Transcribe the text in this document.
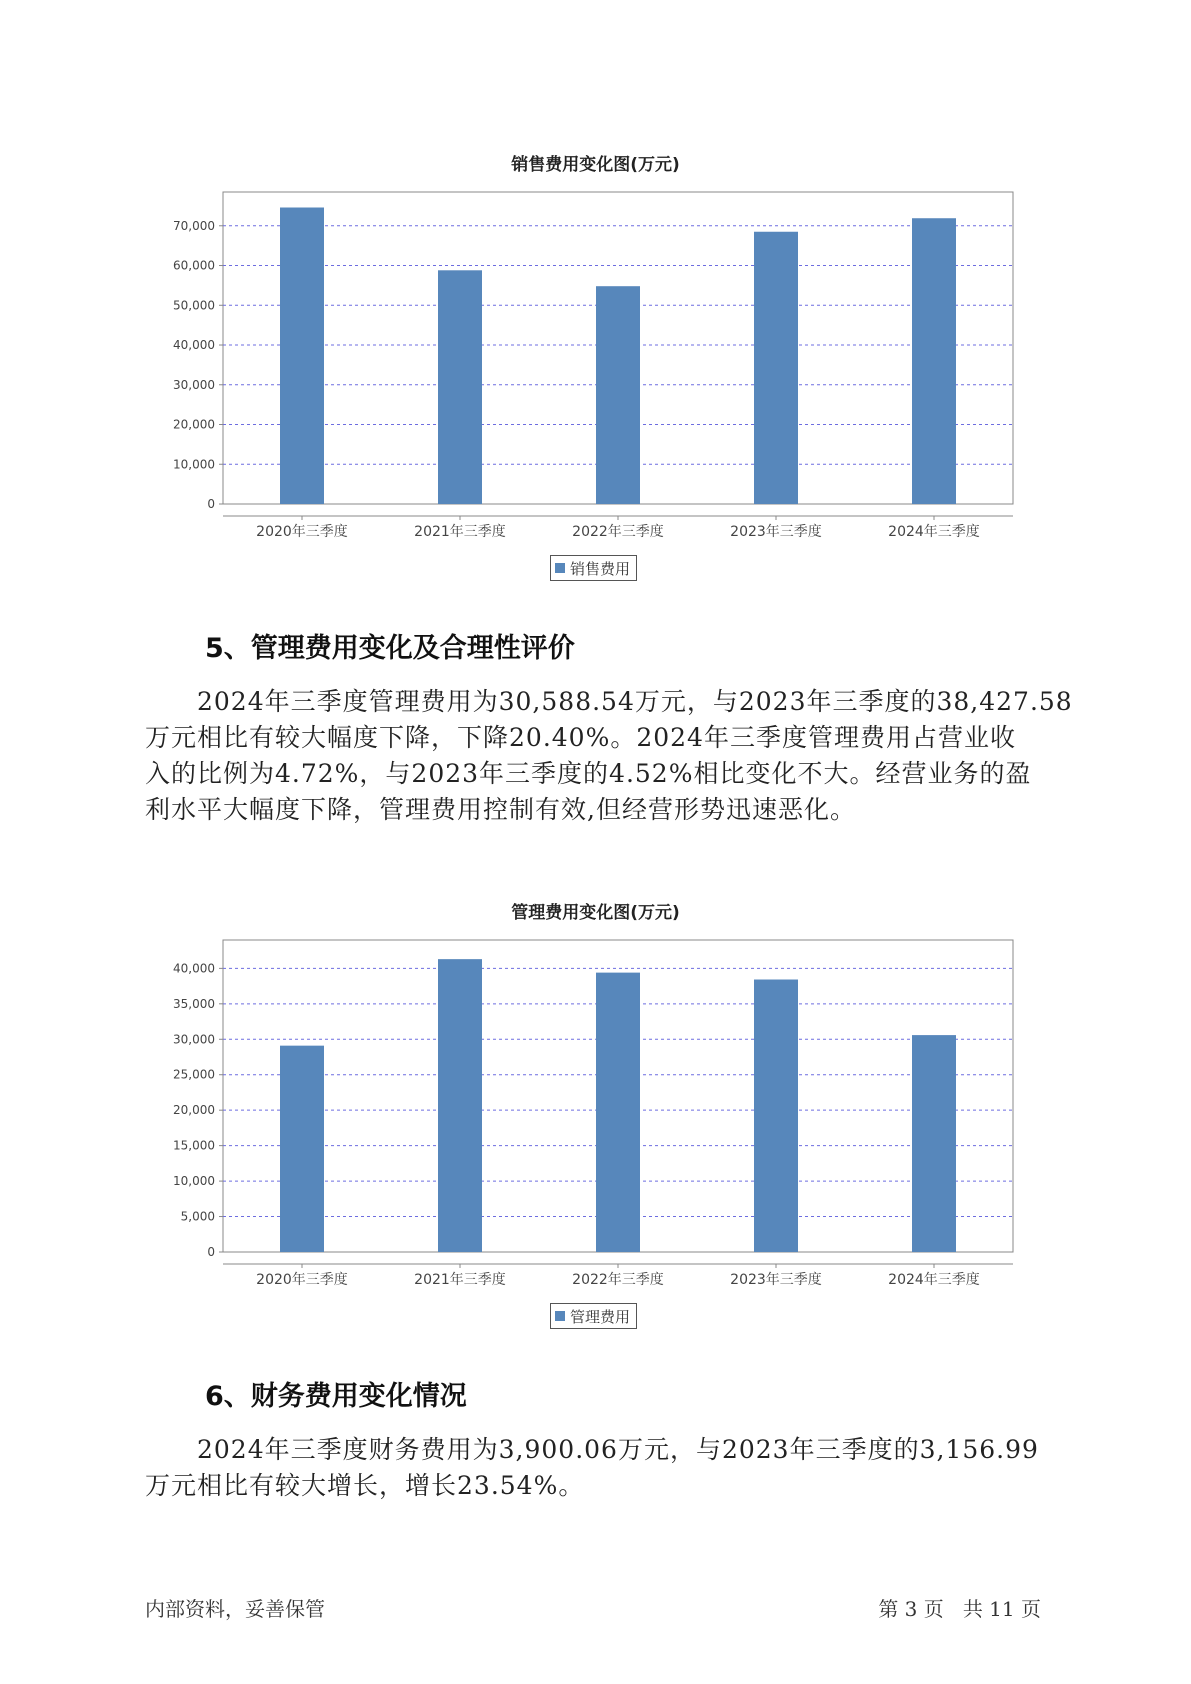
销售费用变化图(万元)
0
10,000
20,000
30,000
40,000
50,000
60,000
70,000
2020年三季度	2021年三季度	2022年三季度	2023年三季度	2024年三季度
销售费用
5、管理费用变化及合理性评价
2024年三季度管理费用为30,588.54万元，与2023年三季度的38,427.58
万元相比有较大幅度下降，下降20.40%。2024年三季度管理费用占营业收
入的比例为4.72%，与2023年三季度的4.52%相比变化不大。经营业务的盈
利水平大幅度下降，管理费用控制有效,但经营形势迅速恶化。
管理费用变化图(万元)
0
5,000
10,000
15,000
20,000
25,000
30,000
35,000
40,000
2020年三季度	2021年三季度	2022年三季度	2023年三季度	2024年三季度
管理费用
6、财务费用变化情况
2024年三季度财务费用为3,900.06万元，与2023年三季度的3,156.99
万元相比有较大增长，增长23.54%。
内部资料，妥善保管	第 3 页   共 11 页
